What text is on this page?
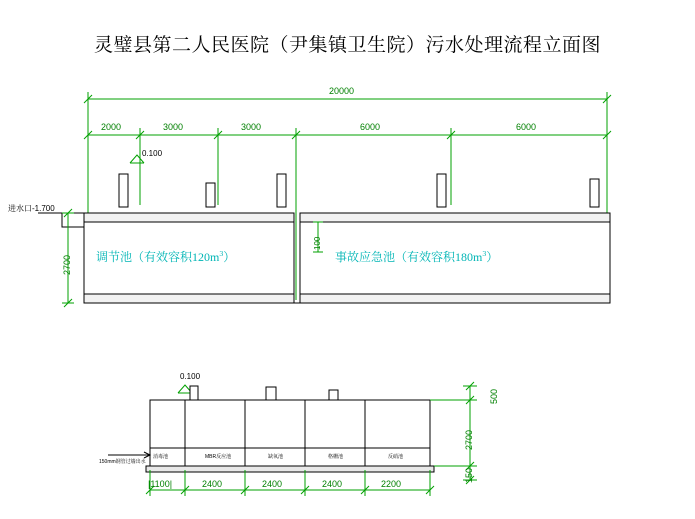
灵璧县第二人民医院（尹集镇卫生院）污水处理流程立面图
20000
2000	3000	3000	6000	6000
0.100
进水口-1.700
2700
100
调节池（有效容积$120m^3$）	事故应急池（有效容积$180m^3$）
0.100
150mm钢管过墙出水
消毒池	MBR反应池	缺氧池	格栅池	反硝池
|1100|	2400	2400	2400	2200
500
2700
150
